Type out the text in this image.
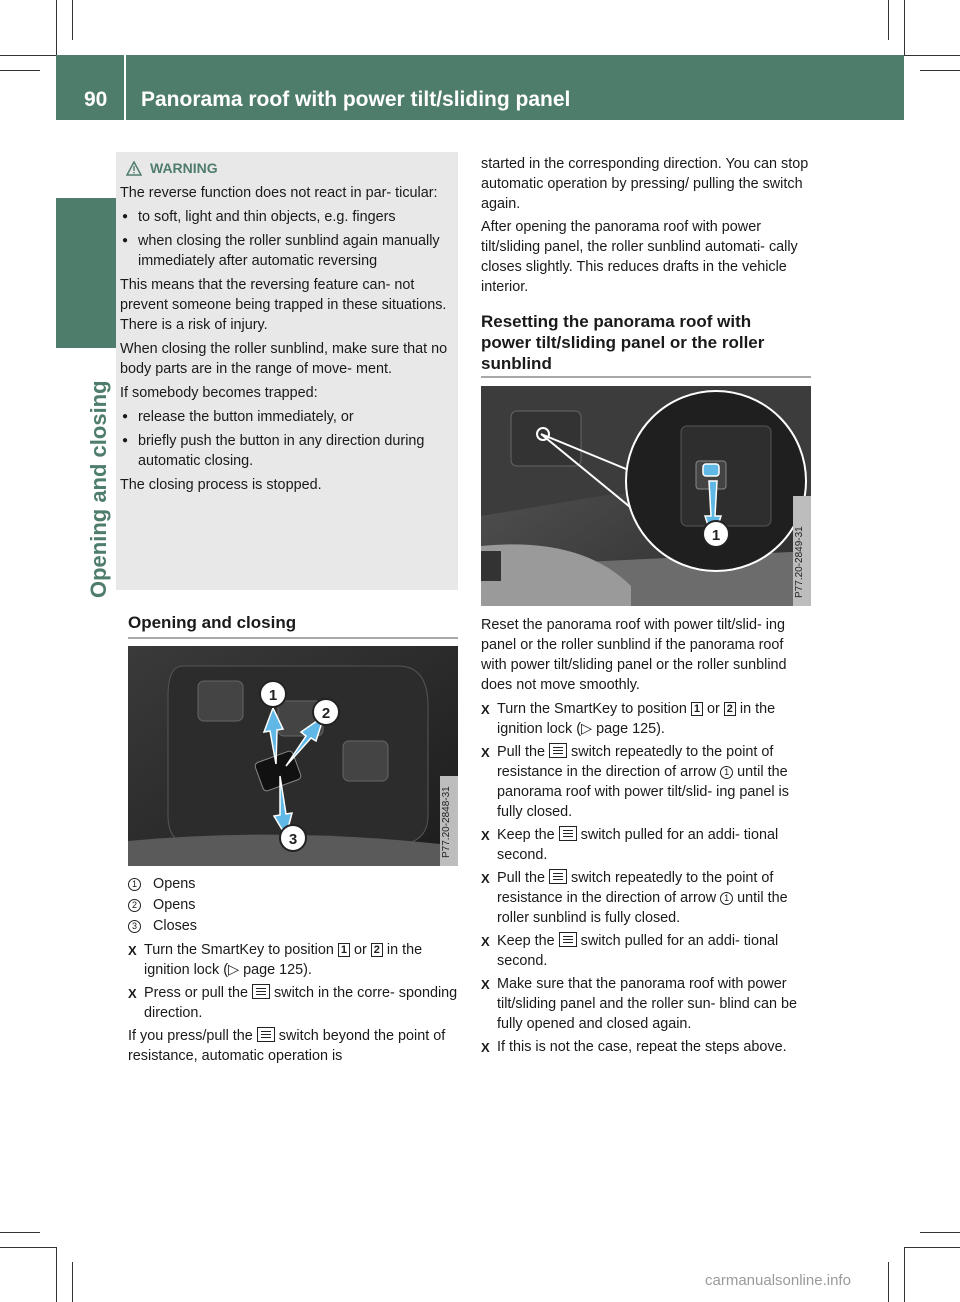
90 Panorama roof with power tilt/sliding panel
Opening and closing
WARNING
The reverse function does not react in par- ticular:
● to soft, light and thin objects, e.g. fingers
● when closing the roller sunblind again manually immediately after automatic reversing
This means that the reversing feature can- not prevent someone being trapped in these situations. There is a risk of injury.
When closing the roller sunblind, make sure that no body parts are in the range of move- ment.
If somebody becomes trapped:
● release the button immediately, or
● briefly push the button in any direction during automatic closing.
The closing process is stopped.
Opening and closing
1
2
3	P77.20-2848-31
1 Opens
2 Opens
3 Closes
X Turn the SmartKey to position 1 or 2 in the ignition lock (▷ page 125).
X Press or pull the switch in the corre- sponding direction.

If you press/pull the switch beyond the point of resistance, automatic operation is

started in the corresponding direction. You can stop automatic operation by pressing/ pulling the switch again.

After opening the panorama roof with power tilt/sliding panel, the roller sunblind automati- cally closes slightly. This reduces drafts in the vehicle interior.

Resetting the panorama roof with power tilt/sliding panel or the roller sunblind
1	P77.20-2849-31

Reset the panorama roof with power tilt/slid- ing panel or the roller sunblind if the panorama roof with power tilt/sliding panel or the roller sunblind does not move smoothly.

X Turn the SmartKey to position 1 or 2 in the ignition lock (▷ page 125).
X Pull the switch repeatedly to the point of resistance in the direction of arrow 1 until the panorama roof with power tilt/slid- ing panel is fully closed.
X Keep the switch pulled for an addi- tional second.
X Pull the switch repeatedly to the point of resistance in the direction of arrow 1 until the roller sunblind is fully closed.
X Keep the switch pulled for an addi- tional second.
X Make sure that the panorama roof with power tilt/sliding panel and the roller sun- blind can be fully opened and closed again.
X If this is not the case, repeat the steps above.
carmanualsonline.info
